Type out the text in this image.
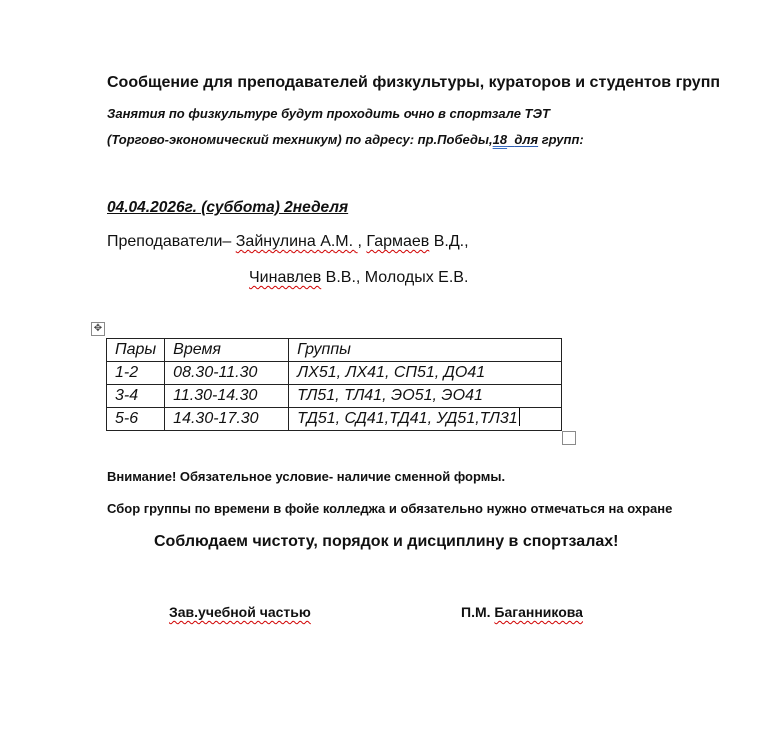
Сообщение для преподавателей физкультуры, кураторов и студентов групп
Занятия по физкультуре будут проходить очно в спортзале ТЭТ
(Торгово-экономический техникум) по адресу: пр.Победы,18 для групп:
04.04.2026г. (суббота) 2неделя
Преподаватели– Зайнулина А.М. , Гармаев В.Д.,
Чинавлев В.В., Молодых Е.В.
✥
Пары	Время	Группы
1-2	08.30-11.30	ЛХ51, ЛХ41, СП51, ДО41
3-4	11.30-14.30	ТЛ51, ТЛ41, ЭО51, ЭО41
5-6	14.30-17.30	ТД51, СД41,ТД41, УД51,ТЛ31
Внимание! Обязательное условие- наличие сменной формы.
Сбор группы по времени в фойе колледжа и обязательно нужно отмечаться на охране
Соблюдаем чистоту, порядок и дисциплину в спортзалах!
Зав.учебной частью	П.М. Баганникова
